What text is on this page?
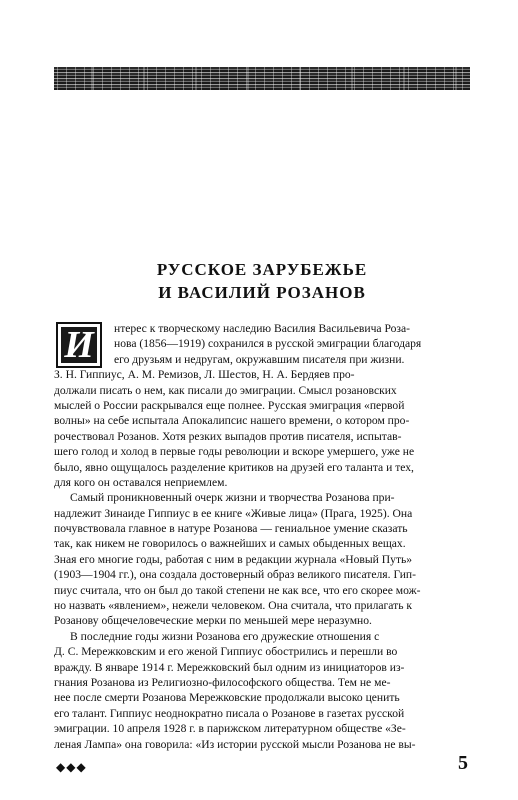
РУССКОЕ ЗАРУБЕЖЬЕ
И ВАСИЛИЙ РОЗАНОВ
И	нтерес к творческому наследию Василия Васильевича Роза-
нова (1856—1919) сохранился в русской эмиграции благодаря
его друзьям и недругам, окружавшим писателя при жизни.
З. Н. Гиппиус, А. М. Ремизов, Л. Шестов, Н. А. Бердяев про-
должали писать о нем, как писали до эмиграции. Смысл розановских
мыслей о России раскрывался еще полнее. Русская эмиграция «первой
волны» на себе испытала Апокалипсис нашего времени, о котором про-
рочествовал Розанов. Хотя резких выпадов против писателя, испытав-
шего голод и холод в первые годы революции и вскоре умершего, уже не
было, явно ощущалось разделение критиков на друзей его таланта и тех,
для кого он оставался неприемлем.
Самый проникновенный очерк жизни и творчества Розанова при-
надлежит Зинаиде Гиппиус в ее книге «Живые лица» (Прага, 1925). Она
почувствовала главное в натуре Розанова — гениальное умение сказать
так, как никем не говорилось о важнейших и самых обыденных вещах.
Зная его многие годы, работая с ним в редакции журнала «Новый Путь»
(1903—1904 гг.), она создала достоверный образ великого писателя. Гип-
пиус считала, что он был до такой степени не как все, что его скорее мож-
но назвать «явлением», нежели человеком. Она считала, что прилагать к
Розанову общечеловеческие мерки по меньшей мере неразумно.
В последние годы жизни Розанова его дружеские отношения с
Д. С. Мережковским и его женой Гиппиус обострились и перешли во
вражду. В январе 1914 г. Мережковский был одним из инициаторов из-
гнания Розанова из Религиозно-философского общества. Тем не ме-
нее после смерти Розанова Мережковские продолжали высоко ценить
его талант. Гиппиус неоднократно писала о Розанове в газетах русской
эмиграции. 10 апреля 1928 г. в парижском литературном обществе «Зе-
леная Лампа» она говорила: «Из истории русской мысли Розанова не вы-
◆◆◆	5
